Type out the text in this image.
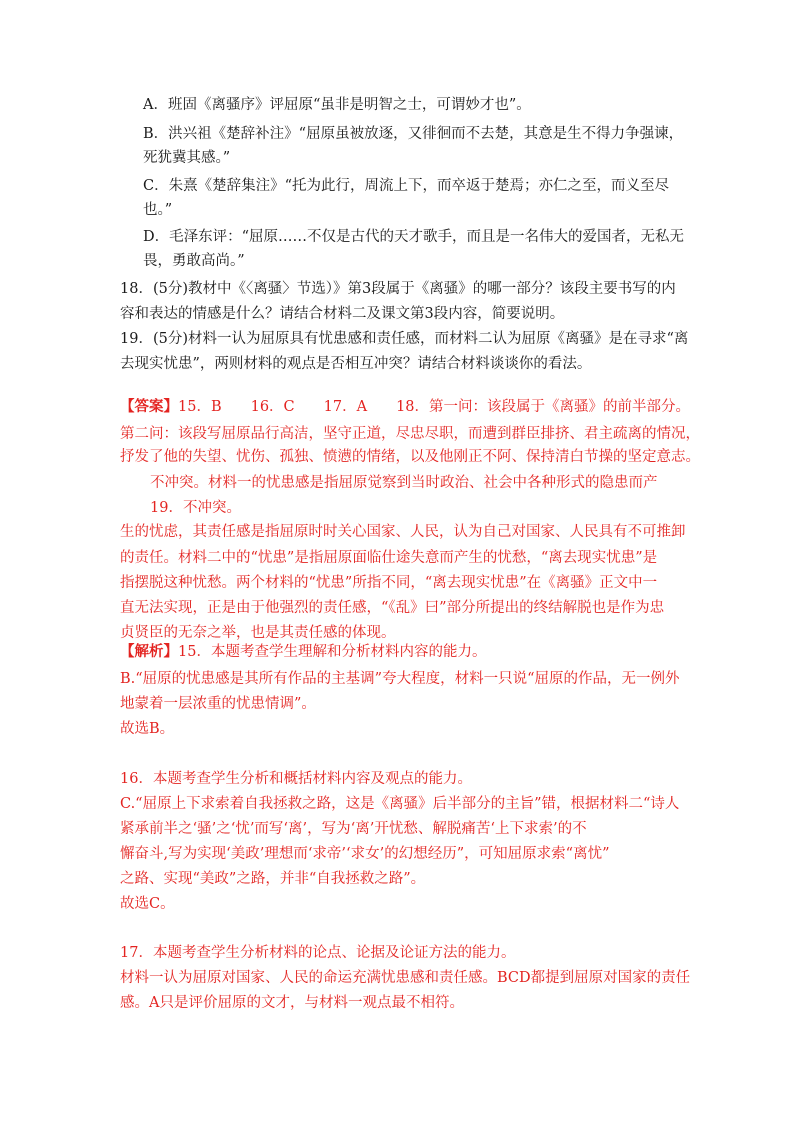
A．班固《离骚序》评屈原“虽非是明智之士，可谓妙才也”。
B．洪兴祖《楚辞补注》“屈原虽被放逐，又徘徊而不去楚，其意是生不得力争强谏，
死犹冀其感。”
C．朱熹《楚辞集注》“托为此行，周流上下，而卒返于楚焉；亦仁之至，而义至尽
也。”
D．毛泽东评：“屈原……不仅是古代的天才歌手，而且是一名伟大的爱国者，无私无
畏，勇敢高尚。”
18．(5分)教材中《〈离骚〉节选）》第3段属于《离骚》的哪一部分？该段主要书写的内
容和表达的情感是什么？请结合材料二及课文第3段内容，简要说明。
19．(5分)材料一认为屈原具有忧患感和责任感，而材料二认为屈原《离骚》是在寻求“离
去现实忧患”，两则材料的观点是否相互冲突？请结合材料谈谈你的看法。
【答案】15．B　　16．C　　17．A　　18．第一问：该段属于《离骚》的前半部分。
第二问：该段写屈原品行高洁，坚守正道，尽忠尽职，而遭到群臣排挤、君主疏离的情况，
抒发了他的失望、忧伤、孤独、愤懑的情绪，以及他刚正不阿、保持清白节操的坚定意志。
不冲突。材料一的忧患感是指屈原觉察到当时政治、社会中各种形式的隐患而产
19．不冲突。
生的忧虑，其责任感是指屈原时时关心国家、人民，认为自己对国家、人民具有不可推卸
的责任。材料二中的“忧患”是指屈原面临仕途失意而产生的忧愁，“离去现实忧患”是
指摆脱这种忧愁。两个材料的“忧患”所指不同，“离去现实忧患”在《离骚》正文中一
直无法实现，正是由于他强烈的责任感，“《乱》曰”部分所提出的终结解脱也是作为忠
贞贤臣的无奈之举，也是其责任感的体现。
【解析】15．本题考查学生理解和分析材料内容的能力。
B.“屈原的忧患感是其所有作品的主基调”夸大程度，材料一只说“屈原的作品，无一例外
地蒙着一层浓重的忧患情调”。
故选B。
16．本题考查学生分析和概括材料内容及观点的能力。
C.“屈原上下求索着自我拯救之路，这是《离骚》后半部分的主旨”错，根据材料二“诗人
紧承前半之‘骚’之‘忧’而写‘离’，写为‘离’开忧愁、解脱痛苦‘上下求索’的不
懈奋斗,写为实现‘美政’理想而‘求帝’‘求女’的幻想经历”，可知屈原求索“离忧”
之路、实现“美政”之路，并非“自我拯救之路”。
故选C。
17．本题考查学生分析材料的论点、论据及论证方法的能力。
材料一认为屈原对国家、人民的命运充满忧患感和责任感。BCD都提到屈原对国家的责任
感。A只是评价屈原的文才，与材料一观点最不相符。
